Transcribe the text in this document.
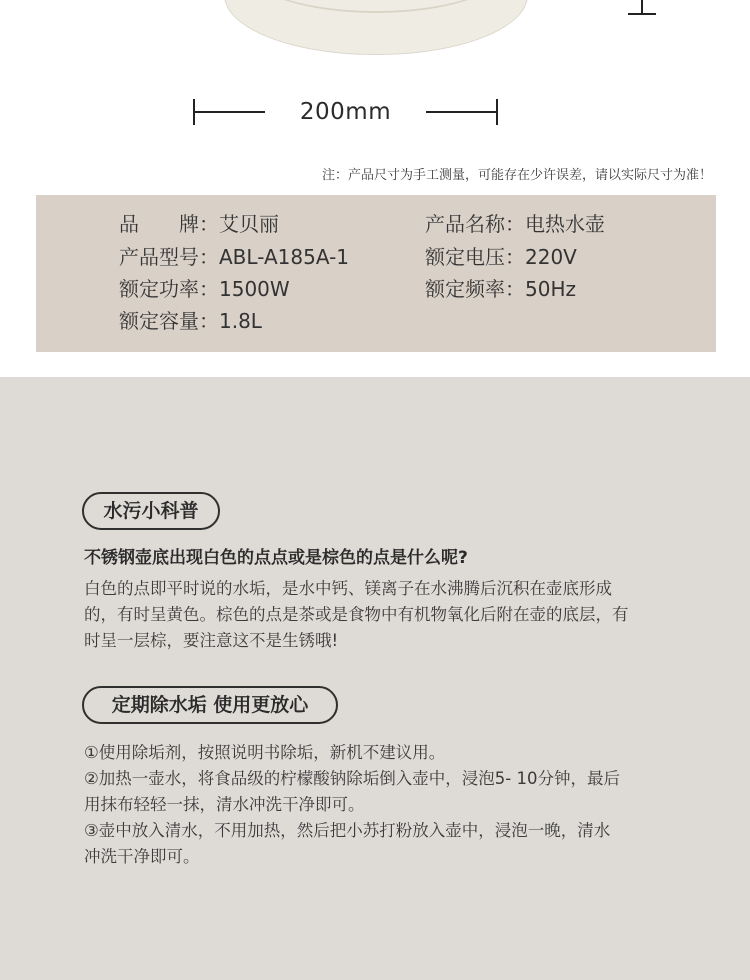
200mm
注：产品尺寸为手工测量，可能存在少许误差，请以实际尺寸为准！
品　　牌：艾贝丽	产品名称：电热水壶
产品型号：ABL-A185A-1	额定电压：220V
额定功率：1500W	额定频率：50Hz
额定容量：1.8L
水污小科普
不锈钢壶底出现白色的点点或是棕色的点是什么呢?
白色的点即平时说的水垢，是水中钙、镁离子在水沸腾后沉积在壶底形成
的，有时呈黄色。棕色的点是茶或是食物中有机物氧化后附在壶的底层，有
时呈一层棕，要注意这不是生锈哦!
定期除水垢 使用更放心
①使用除垢剂，按照说明书除垢，新机不建议用。
②加热一壶水，将食品级的柠檬酸钠除垢倒入壶中，浸泡5- 10分钟，最后
用抹布轻轻一抹，清水冲洗干净即可。
③壶中放入清水，不用加热，然后把小苏打粉放入壶中，浸泡一晚，清水
冲洗干净即可。
